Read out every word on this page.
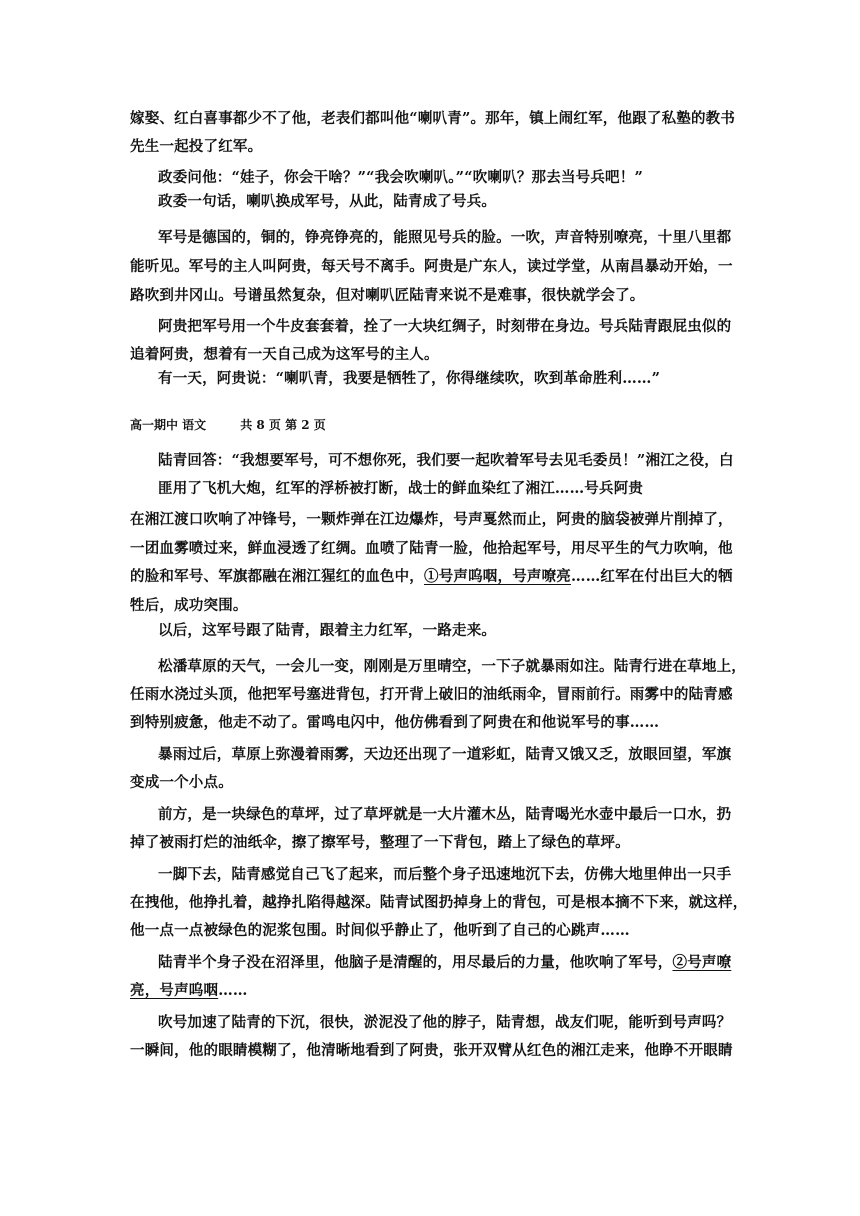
嫁娶、红白喜事都少不了他，老表们都叫他“喇叭青”。那年，镇上闹红军，他跟了私塾的教书
先生一起投了红军。
政委问他：“娃子，你会干啥？”“我会吹喇叭。”“吹喇叭？那去当号兵吧！”
政委一句话，喇叭换成军号，从此，陆青成了号兵。
军号是德国的，铜的，铮亮铮亮的，能照见号兵的脸。一吹，声音特别嘹亮，十里八里都
能听见。军号的主人叫阿贵，每天号不离手。阿贵是广东人，读过学堂，从南昌暴动开始，一
路吹到井冈山。号谱虽然复杂，但对喇叭匠陆青来说不是难事，很快就学会了。
阿贵把军号用一个牛皮套套着，拴了一大块红绸子，时刻带在身边。号兵陆青跟屁虫似的
追着阿贵，想着有一天自己成为这军号的主人。
有一天，阿贵说：“喇叭青，我要是牺牲了，你得继续吹，吹到革命胜利……”
高一期中 语文	共 8 页 第 2 页
陆青回答：“我想要军号，可不想你死，我们要一起吹着军号去见毛委员！”湘江之役，白
匪用了飞机大炮，红军的浮桥被打断，战士的鲜血染红了湘江……号兵阿贵
在湘江渡口吹响了冲锋号，一颗炸弹在江边爆炸，号声戛然而止，阿贵的脑袋被弹片削掉了，
一团血雾喷过来，鲜血浸透了红绸。血喷了陆青一脸，他拾起军号，用尽平生的气力吹响，他
的脸和军号、军旗都融在湘江猩红的血色中，①号声呜咽，号声嘹亮……红军在付出巨大的牺
牲后，成功突围。
以后，这军号跟了陆青，跟着主力红军，一路走来。
松潘草原的天气，一会儿一变，刚刚是万里晴空，一下子就暴雨如注。陆青行进在草地上，
任雨水浇过头顶，他把军号塞进背包，打开背上破旧的油纸雨伞，冒雨前行。雨雾中的陆青感
到特别疲惫，他走不动了。雷鸣电闪中，他仿佛看到了阿贵在和他说军号的事……
暴雨过后，草原上弥漫着雨雾，天边还出现了一道彩虹，陆青又饿又乏，放眼回望，军旗
变成一个小点。
前方，是一块绿色的草坪，过了草坪就是一大片灌木丛，陆青喝光水壶中最后一口水，扔
掉了被雨打烂的油纸伞，擦了擦军号，整理了一下背包，踏上了绿色的草坪。
一脚下去，陆青感觉自己飞了起来，而后整个身子迅速地沉下去，仿佛大地里伸出一只手
在拽他，他挣扎着，越挣扎陷得越深。陆青试图扔掉身上的背包，可是根本摘不下来，就这样，
他一点一点被绿色的泥浆包围。时间似乎静止了，他听到了自己的心跳声……
陆青半个身子没在沼泽里，他脑子是清醒的，用尽最后的力量，他吹响了军号，②号声嘹
亮，号声呜咽……
吹号加速了陆青的下沉，很快，淤泥没了他的脖子，陆青想，战友们呢，能听到号声吗？
一瞬间，他的眼睛模糊了，他清晰地看到了阿贵，张开双臂从红色的湘江走来，他睁不开眼睛
